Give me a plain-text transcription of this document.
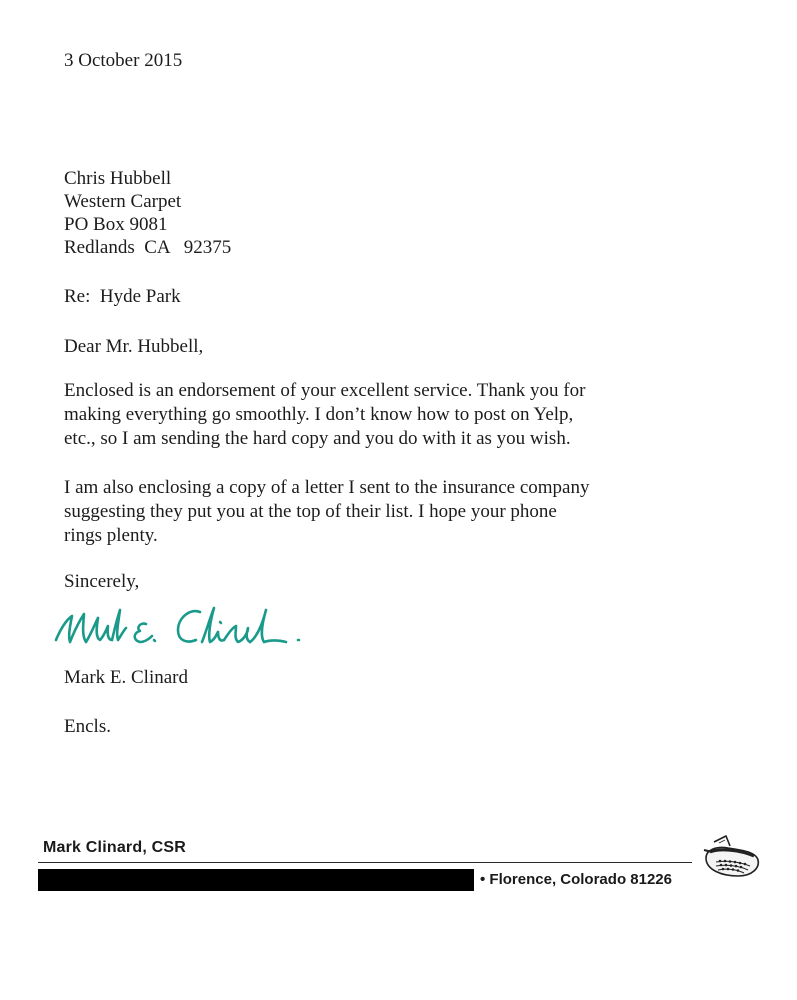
3 October 2015
Chris Hubbell
Western Carpet
PO Box 9081
Redlands  CA   92375
Re:  Hyde Park
Dear Mr. Hubbell,
Enclosed is an endorsement of your excellent service. Thank you for
making everything go smoothly. I don’t know how to post on Yelp,
etc., so I am sending the hard copy and you do with it as you wish.
I am also enclosing a copy of a letter I sent to the insurance company
suggesting they put you at the top of their list. I hope your phone
rings plenty.
Sincerely,
Mark E. Clinard
Encls.
Mark Clinard, CSR
• Florence, Colorado 81226
